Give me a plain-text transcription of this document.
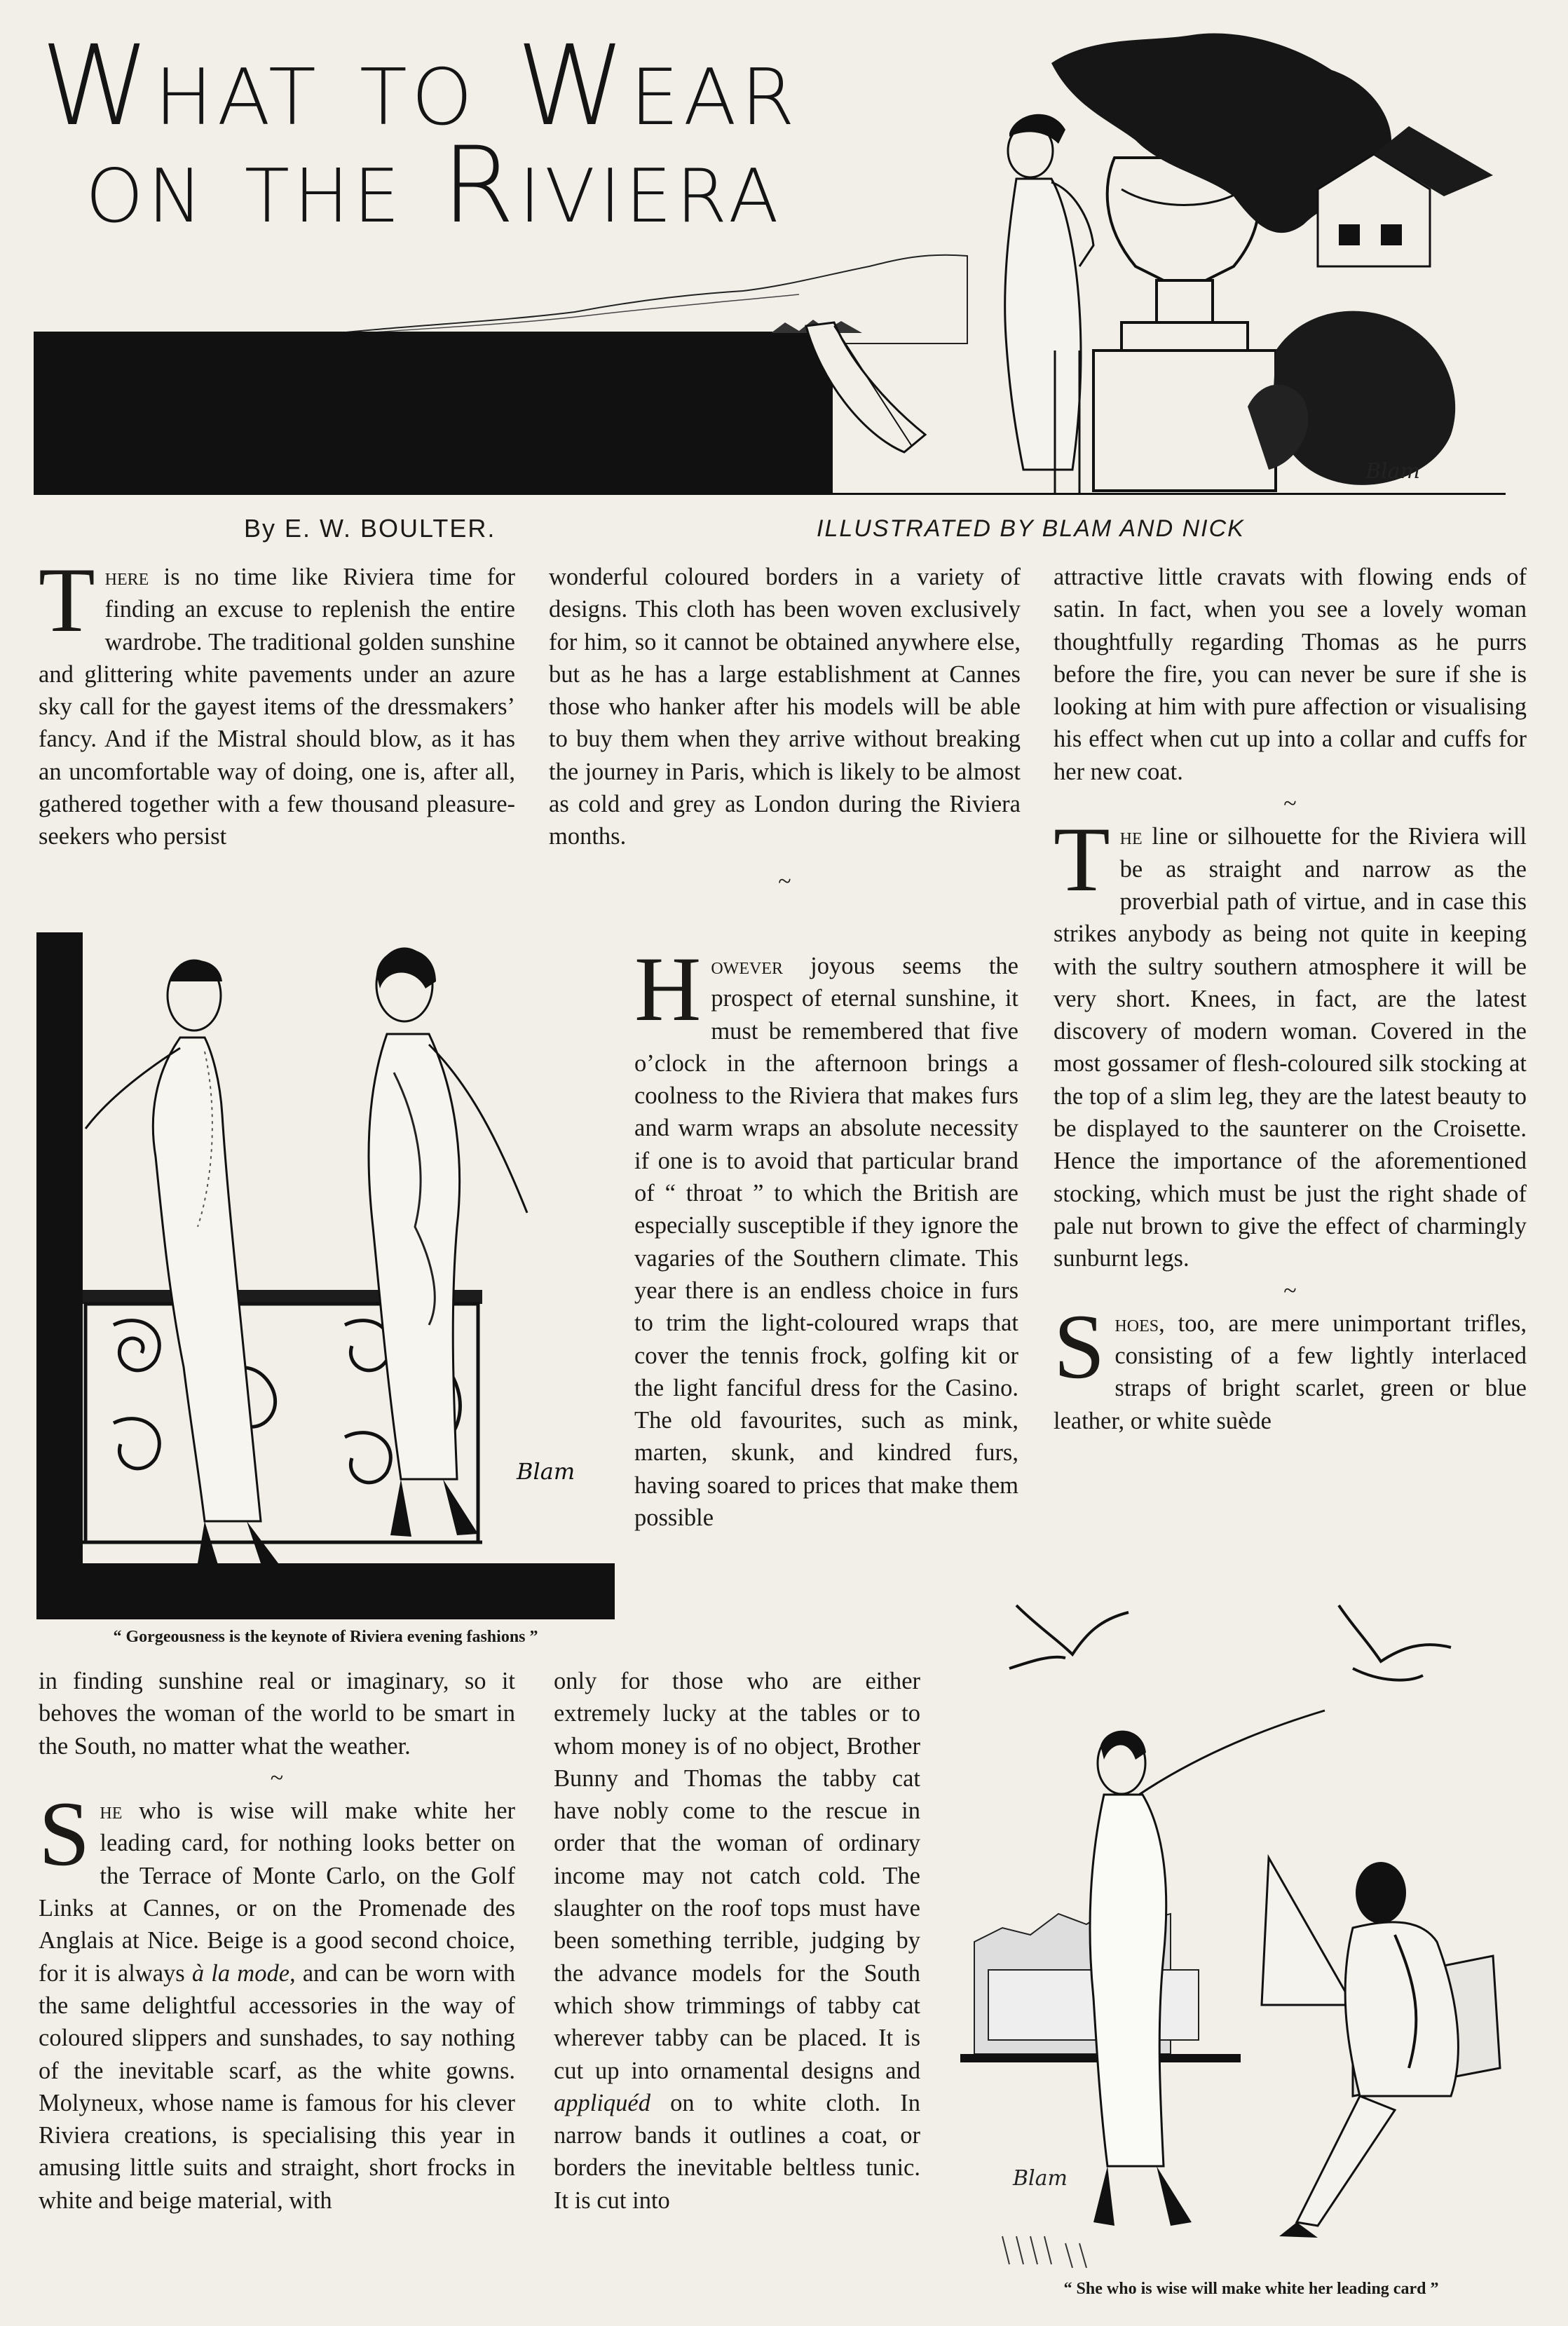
What to Wear
on the Riviera
Blam
By E. W. BOULTER.	ILLUSTRATED BY BLAM AND NICK

There is no time like Riviera time for finding an excuse to replenish the entire wardrobe. The traditional golden sunshine and glittering white pavements under an azure sky call for the gayest items of the dressmakers’ fancy. And if the Mistral should blow, as it has an uncomfortable way of doing, one is, after all, gathered together with a few thousand pleasure-seekers who persist

Blam
“ Gorgeousness is the keynote of Riviera evening fashions ”

in finding sunshine real or imaginary, so it behoves the woman of the world to be smart in the South, no matter what the weather.

~

She who is wise will make white her leading card, for nothing looks better on the Terrace of Monte Carlo, on the Golf Links at Cannes, or on the Promenade des Anglais at Nice. Beige is a good second choice, for it is always à la mode, and can be worn with the same delightful accessories in the way of coloured slippers and sunshades, to say nothing of the inevitable scarf, as the white gowns. Molyneux, whose name is famous for his clever Riviera creations, is specialising this year in amusing little suits and straight, short frocks in white and beige material, with

wonderful coloured borders in a variety of designs. This cloth has been woven exclusively for him, so it cannot be obtained anywhere else, but as he has a large establishment at Cannes those who hanker after his models will be able to buy them when they arrive without breaking the journey in Paris, which is likely to be almost as cold and grey as London during the Riviera months.

~

However joyous seems the prospect of eternal sunshine, it must be remembered that five o’clock in the afternoon brings a coolness to the Riviera that makes furs and warm wraps an absolute necessity if one is to avoid that particular brand of “ throat ” to which the British are especially susceptible if they ignore the vagaries of the Southern climate. This year there is an endless choice in furs to trim the light-coloured wraps that cover the tennis frock, golfing kit or the light fanciful dress for the Casino. The old favourites, such as mink, marten, skunk, and kindred furs, having soared to prices that make them possible

only for those who are either extremely lucky at the tables or to whom money is of no object, Brother Bunny and Thomas the tabby cat have nobly come to the rescue in order that the woman of ordinary income may not catch cold. The slaughter on the roof tops must have been something terrible, judging by the advance models for the South which show trimmings of tabby cat wherever tabby can be placed. It is cut up into ornamental designs and appliquéd on to white cloth. In narrow bands it outlines a coat, or borders the inevitable beltless tunic. It is cut into

attractive little cravats with flowing ends of satin. In fact, when you see a lovely woman thoughtfully regarding Thomas as he purrs before the fire, you can never be sure if she is looking at him with pure affection or visualising his effect when cut up into a collar and cuffs for her new coat.

~

The line or silhouette for the Riviera will be as straight and narrow as the proverbial path of virtue, and in case this strikes anybody as being not quite in keeping with the sultry southern atmosphere it will be very short. Knees, in fact, are the latest discovery of modern woman. Covered in the most gossamer of flesh-coloured silk stocking at the top of a slim leg, they are the latest beauty to be displayed to the saunterer on the Croisette. Hence the importance of the aforementioned stocking, which must be just the right shade of pale nut brown to give the effect of charmingly sunburnt legs.

~

Shoes, too, are mere unimportant trifles, consisting of a few lightly interlaced straps of bright scarlet, green or blue leather, or white suède

Blam
“ She who is wise will make white her leading card ”
